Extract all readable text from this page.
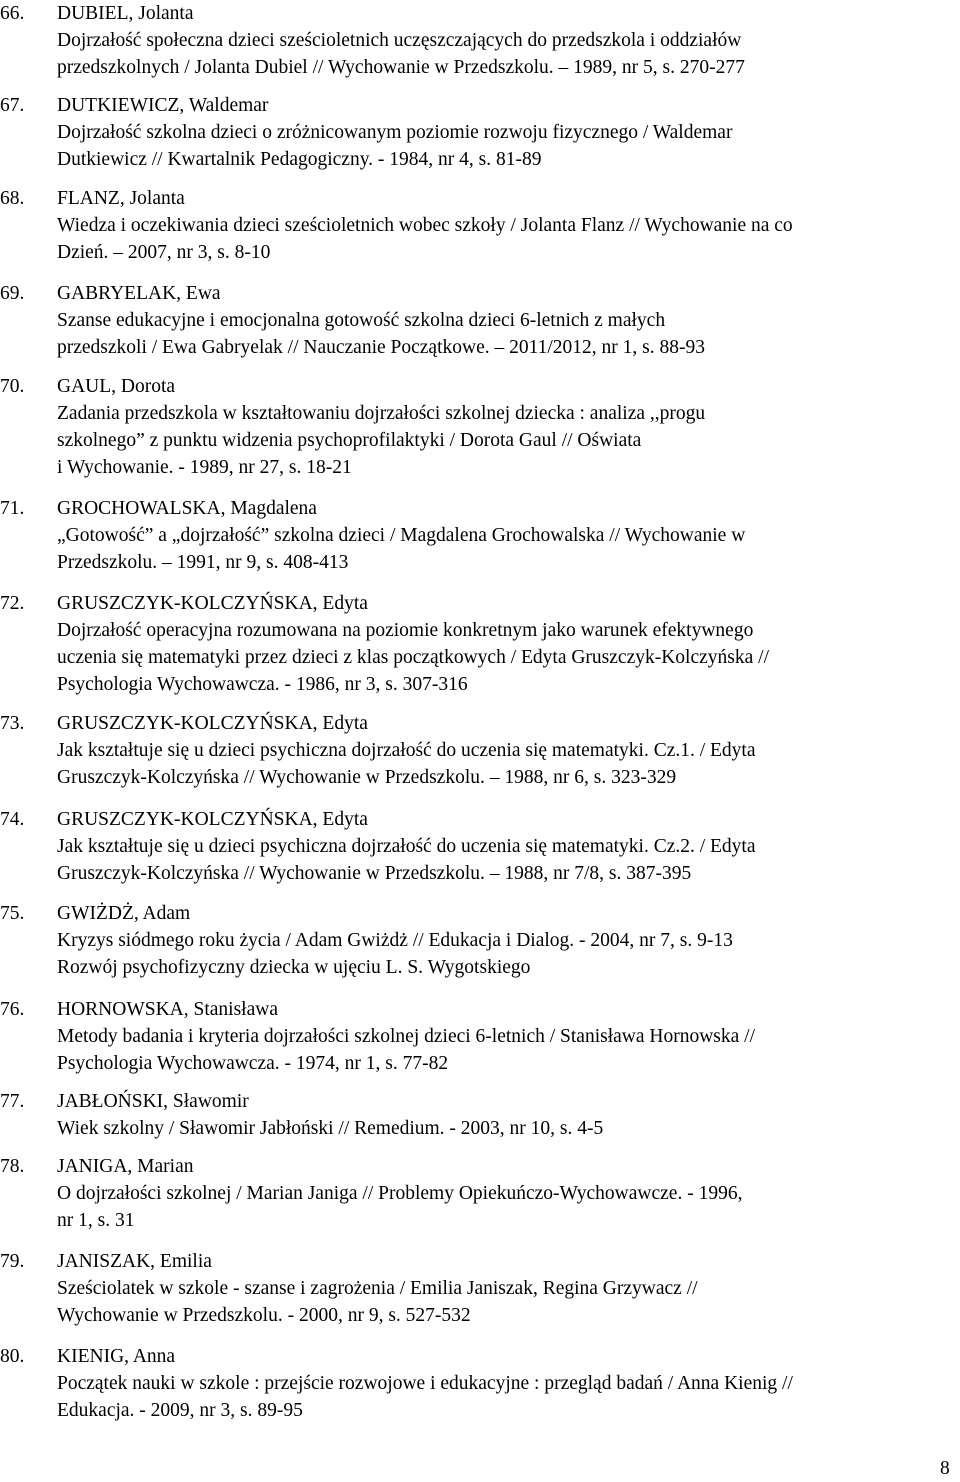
66. DUBIEL, Jolanta
Dojrzałość społeczna dzieci sześcioletnich uczęszczających do przedszkola i oddziałów
przedszkolnych / Jolanta Dubiel // Wychowanie w Przedszkolu. – 1989, nr 5, s. 270-277
67. DUTKIEWICZ, Waldemar
Dojrzałość szkolna dzieci o zróżnicowanym poziomie rozwoju fizycznego / Waldemar
Dutkiewicz // Kwartalnik Pedagogiczny. - 1984, nr 4, s. 81-89
68. FLANZ, Jolanta
Wiedza i oczekiwania dzieci sześcioletnich wobec szkoły / Jolanta Flanz // Wychowanie na co
Dzień. – 2007, nr 3, s. 8-10
69. GABRYELAK, Ewa
Szanse edukacyjne i emocjonalna gotowość szkolna dzieci 6-letnich z małych
przedszkoli / Ewa Gabryelak // Nauczanie Początkowe. – 2011/2012, nr 1, s. 88-93
70. GAUL, Dorota
Zadania przedszkola w kształtowaniu dojrzałości szkolnej dziecka : analiza ,,progu
szkolnego” z punktu widzenia psychoprofilaktyki / Dorota Gaul // Oświata
i Wychowanie. - 1989, nr 27, s. 18-21
71. GROCHOWALSKA, Magdalena
„Gotowość” a „dojrzałość” szkolna dzieci / Magdalena Grochowalska // Wychowanie w
Przedszkolu. – 1991, nr 9, s. 408-413
72. GRUSZCZYK-KOLCZYŃSKA, Edyta
Dojrzałość operacyjna rozumowana na poziomie konkretnym jako warunek efektywnego
uczenia się matematyki przez dzieci z klas początkowych / Edyta Gruszczyk-Kolczyńska //
Psychologia Wychowawcza. - 1986, nr 3, s. 307-316
73. GRUSZCZYK-KOLCZYŃSKA, Edyta
Jak kształtuje się u dzieci psychiczna dojrzałość do uczenia się matematyki. Cz.1. / Edyta
Gruszczyk-Kolczyńska // Wychowanie w Przedszkolu. – 1988, nr 6, s. 323-329
74. GRUSZCZYK-KOLCZYŃSKA, Edyta
Jak kształtuje się u dzieci psychiczna dojrzałość do uczenia się matematyki. Cz.2. / Edyta
Gruszczyk-Kolczyńska // Wychowanie w Przedszkolu. – 1988, nr 7/8, s. 387-395
75. GWIŻDŻ, Adam
Kryzys siódmego roku życia / Adam Gwiżdż // Edukacja i Dialog. - 2004, nr 7, s. 9-13
Rozwój psychofizyczny dziecka w ujęciu L. S. Wygotskiego
76. HORNOWSKA, Stanisława
Metody badania i kryteria dojrzałości szkolnej dzieci 6-letnich / Stanisława Hornowska //
Psychologia Wychowawcza. - 1974, nr 1, s. 77-82
77. JABŁOŃSKI, Sławomir
Wiek szkolny / Sławomir Jabłoński // Remedium. - 2003, nr 10, s. 4-5
78. JANIGA, Marian
O dojrzałości szkolnej / Marian Janiga // Problemy Opiekuńczo-Wychowawcze. - 1996,
nr 1, s. 31
79. JANISZAK, Emilia
Sześciolatek w szkole - szanse i zagrożenia / Emilia Janiszak, Regina Grzywacz //
Wychowanie w Przedszkolu. - 2000, nr 9, s. 527-532
80. KIENIG, Anna
Początek nauki w szkole : przejście rozwojowe i edukacyjne : przegląd badań / Anna Kienig //
Edukacja. - 2009, nr 3, s. 89-95
8
